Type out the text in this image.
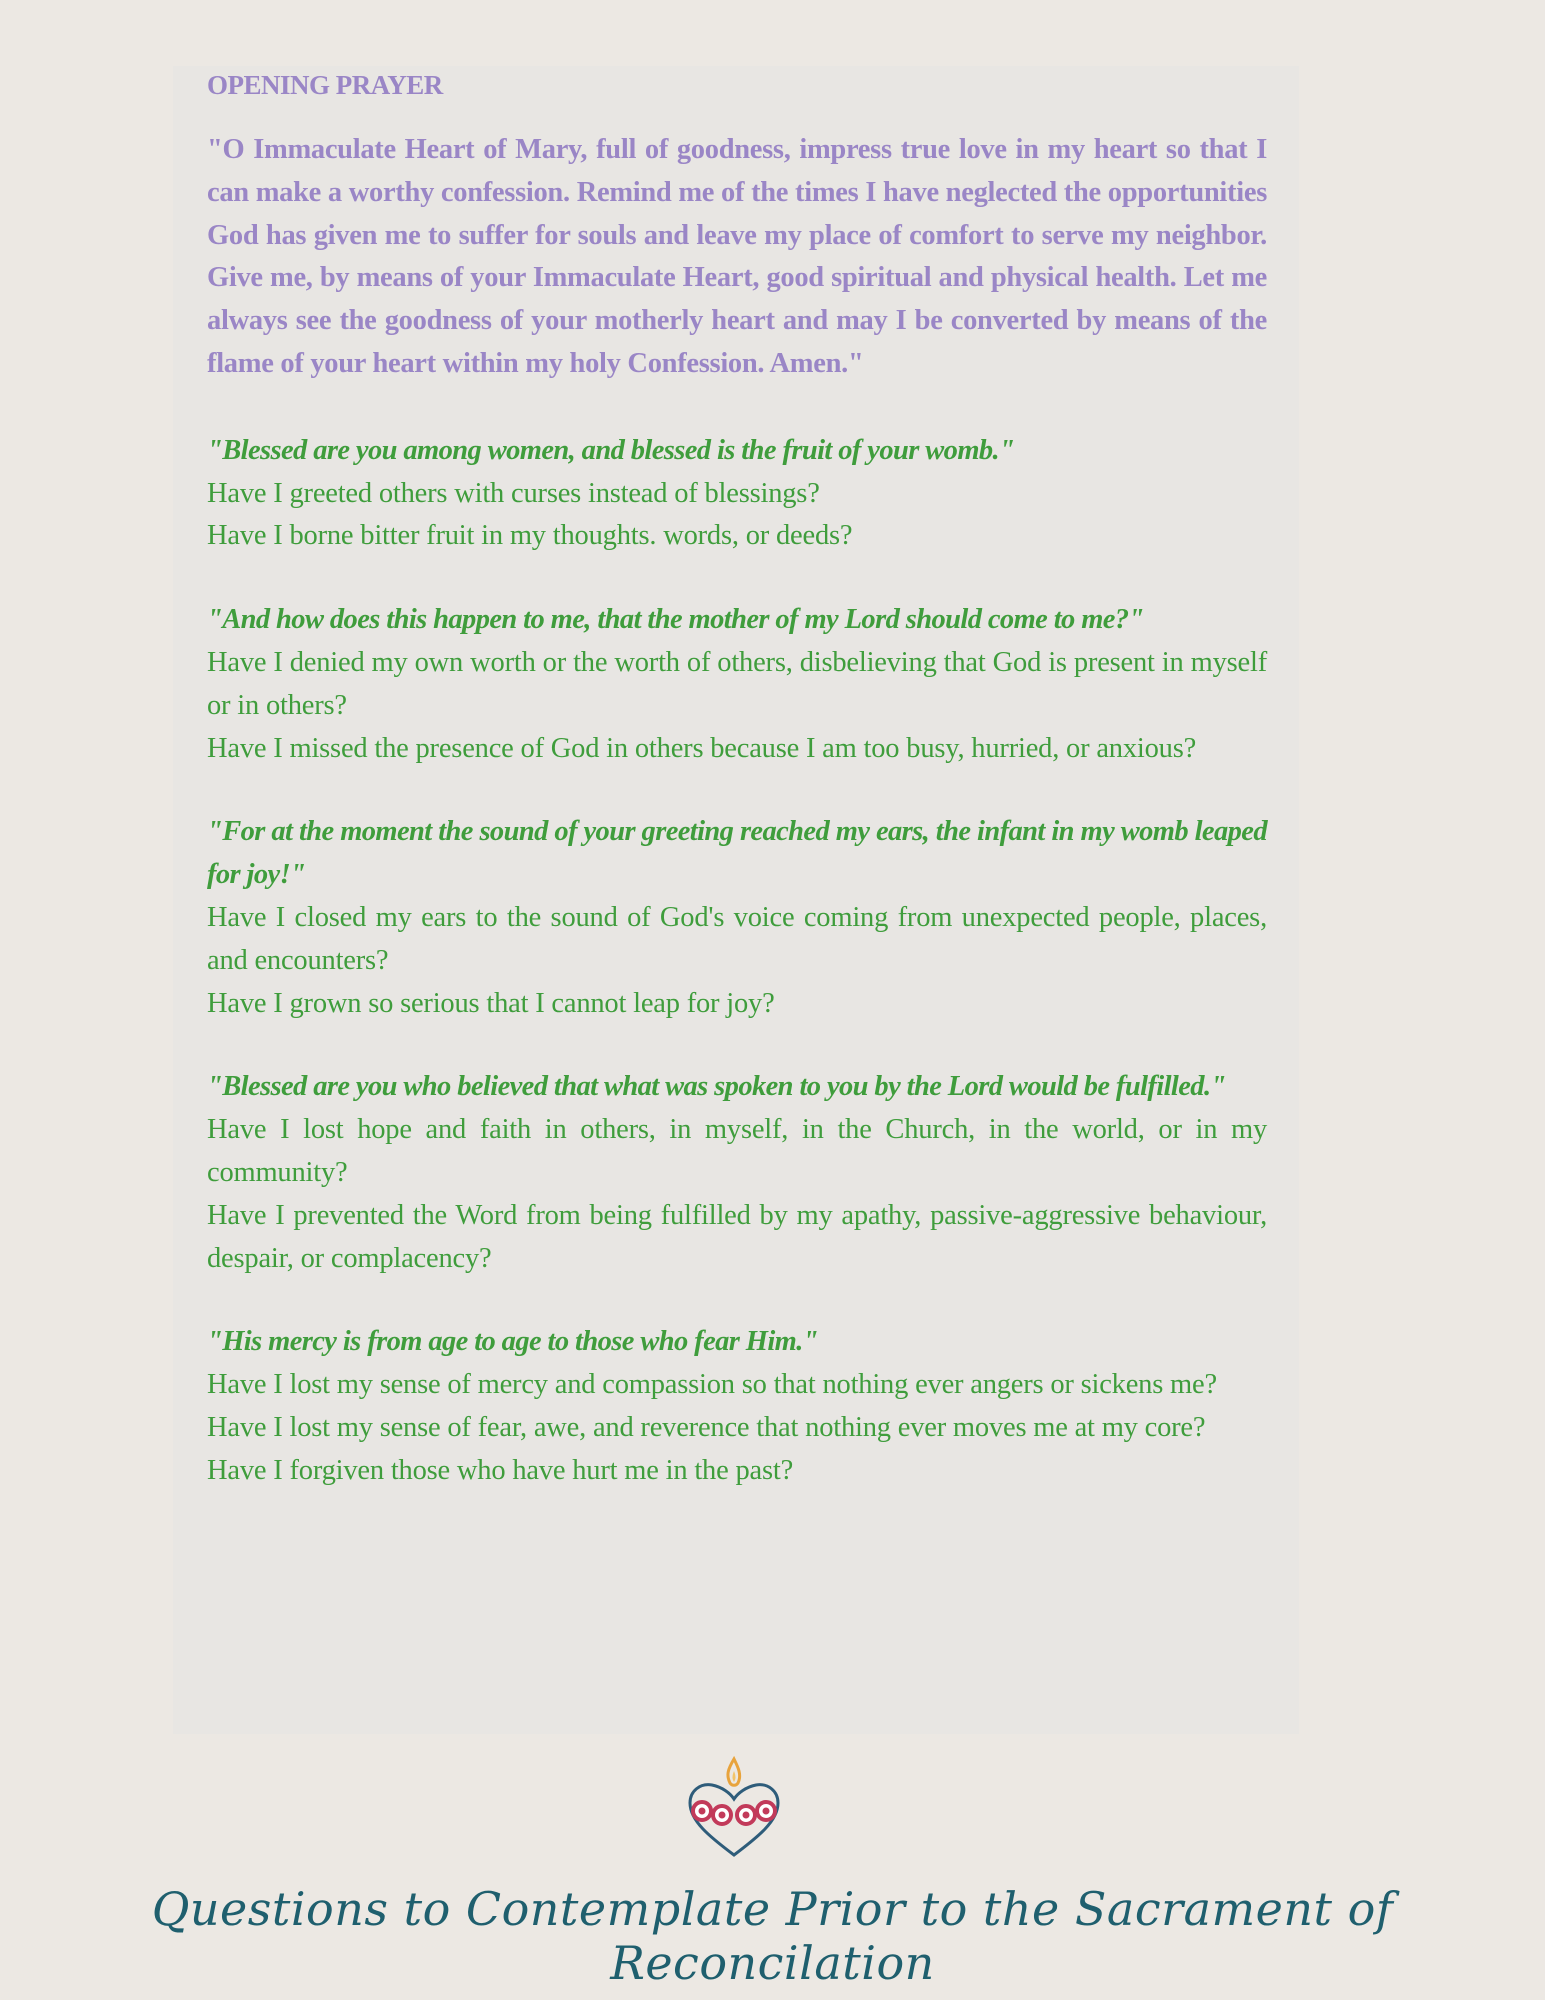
OPENING PRAYER
"O Immaculate Heart of Mary, full of goodness, impress true love in my heart so that I can make a worthy confession. Remind me of the times I have neglected the opportunities God has given me to suffer for souls and leave my place of comfort to serve my neighbor. Give me, by means of your Immaculate Heart, good spiritual and physical health. Let me always see the goodness of your motherly heart and may I be converted by means of the flame of your heart within my holy Confession. Amen."
"Blessed are you among women, and blessed is the fruit of your womb."
Have I greeted others with curses instead of blessings?
Have I borne bitter fruit in my thoughts. words, or deeds?
"And how does this happen to me, that the mother of my Lord should come to me?"
Have I denied my own worth or the worth of others, disbelieving that God is present in myself or in others?
Have I missed the presence of God in others because I am too busy, hurried, or anxious?
"For at the moment the sound of your greeting reached my ears, the infant in my womb leaped for joy!"
Have I closed my ears to the sound of God's voice coming from unexpected people, places, and encounters?
Have I grown so serious that I cannot leap for joy?
"Blessed are you who believed that what was spoken to you by the Lord would be fulfilled."
Have I lost hope and faith in others, in myself, in the Church, in the world, or in my community?
Have I prevented the Word from being fulfilled by my apathy, passive-aggressive behaviour, despair, or complacency?
"His mercy is from age to age to those who fear Him."
Have I lost my sense of mercy and compassion so that nothing ever angers or sickens me?
Have I lost my sense of fear, awe, and reverence that nothing ever moves me at my core?
Have I forgiven those who have hurt me in the past?
Questions to Contemplate Prior to the Sacrament of Reconcilation
